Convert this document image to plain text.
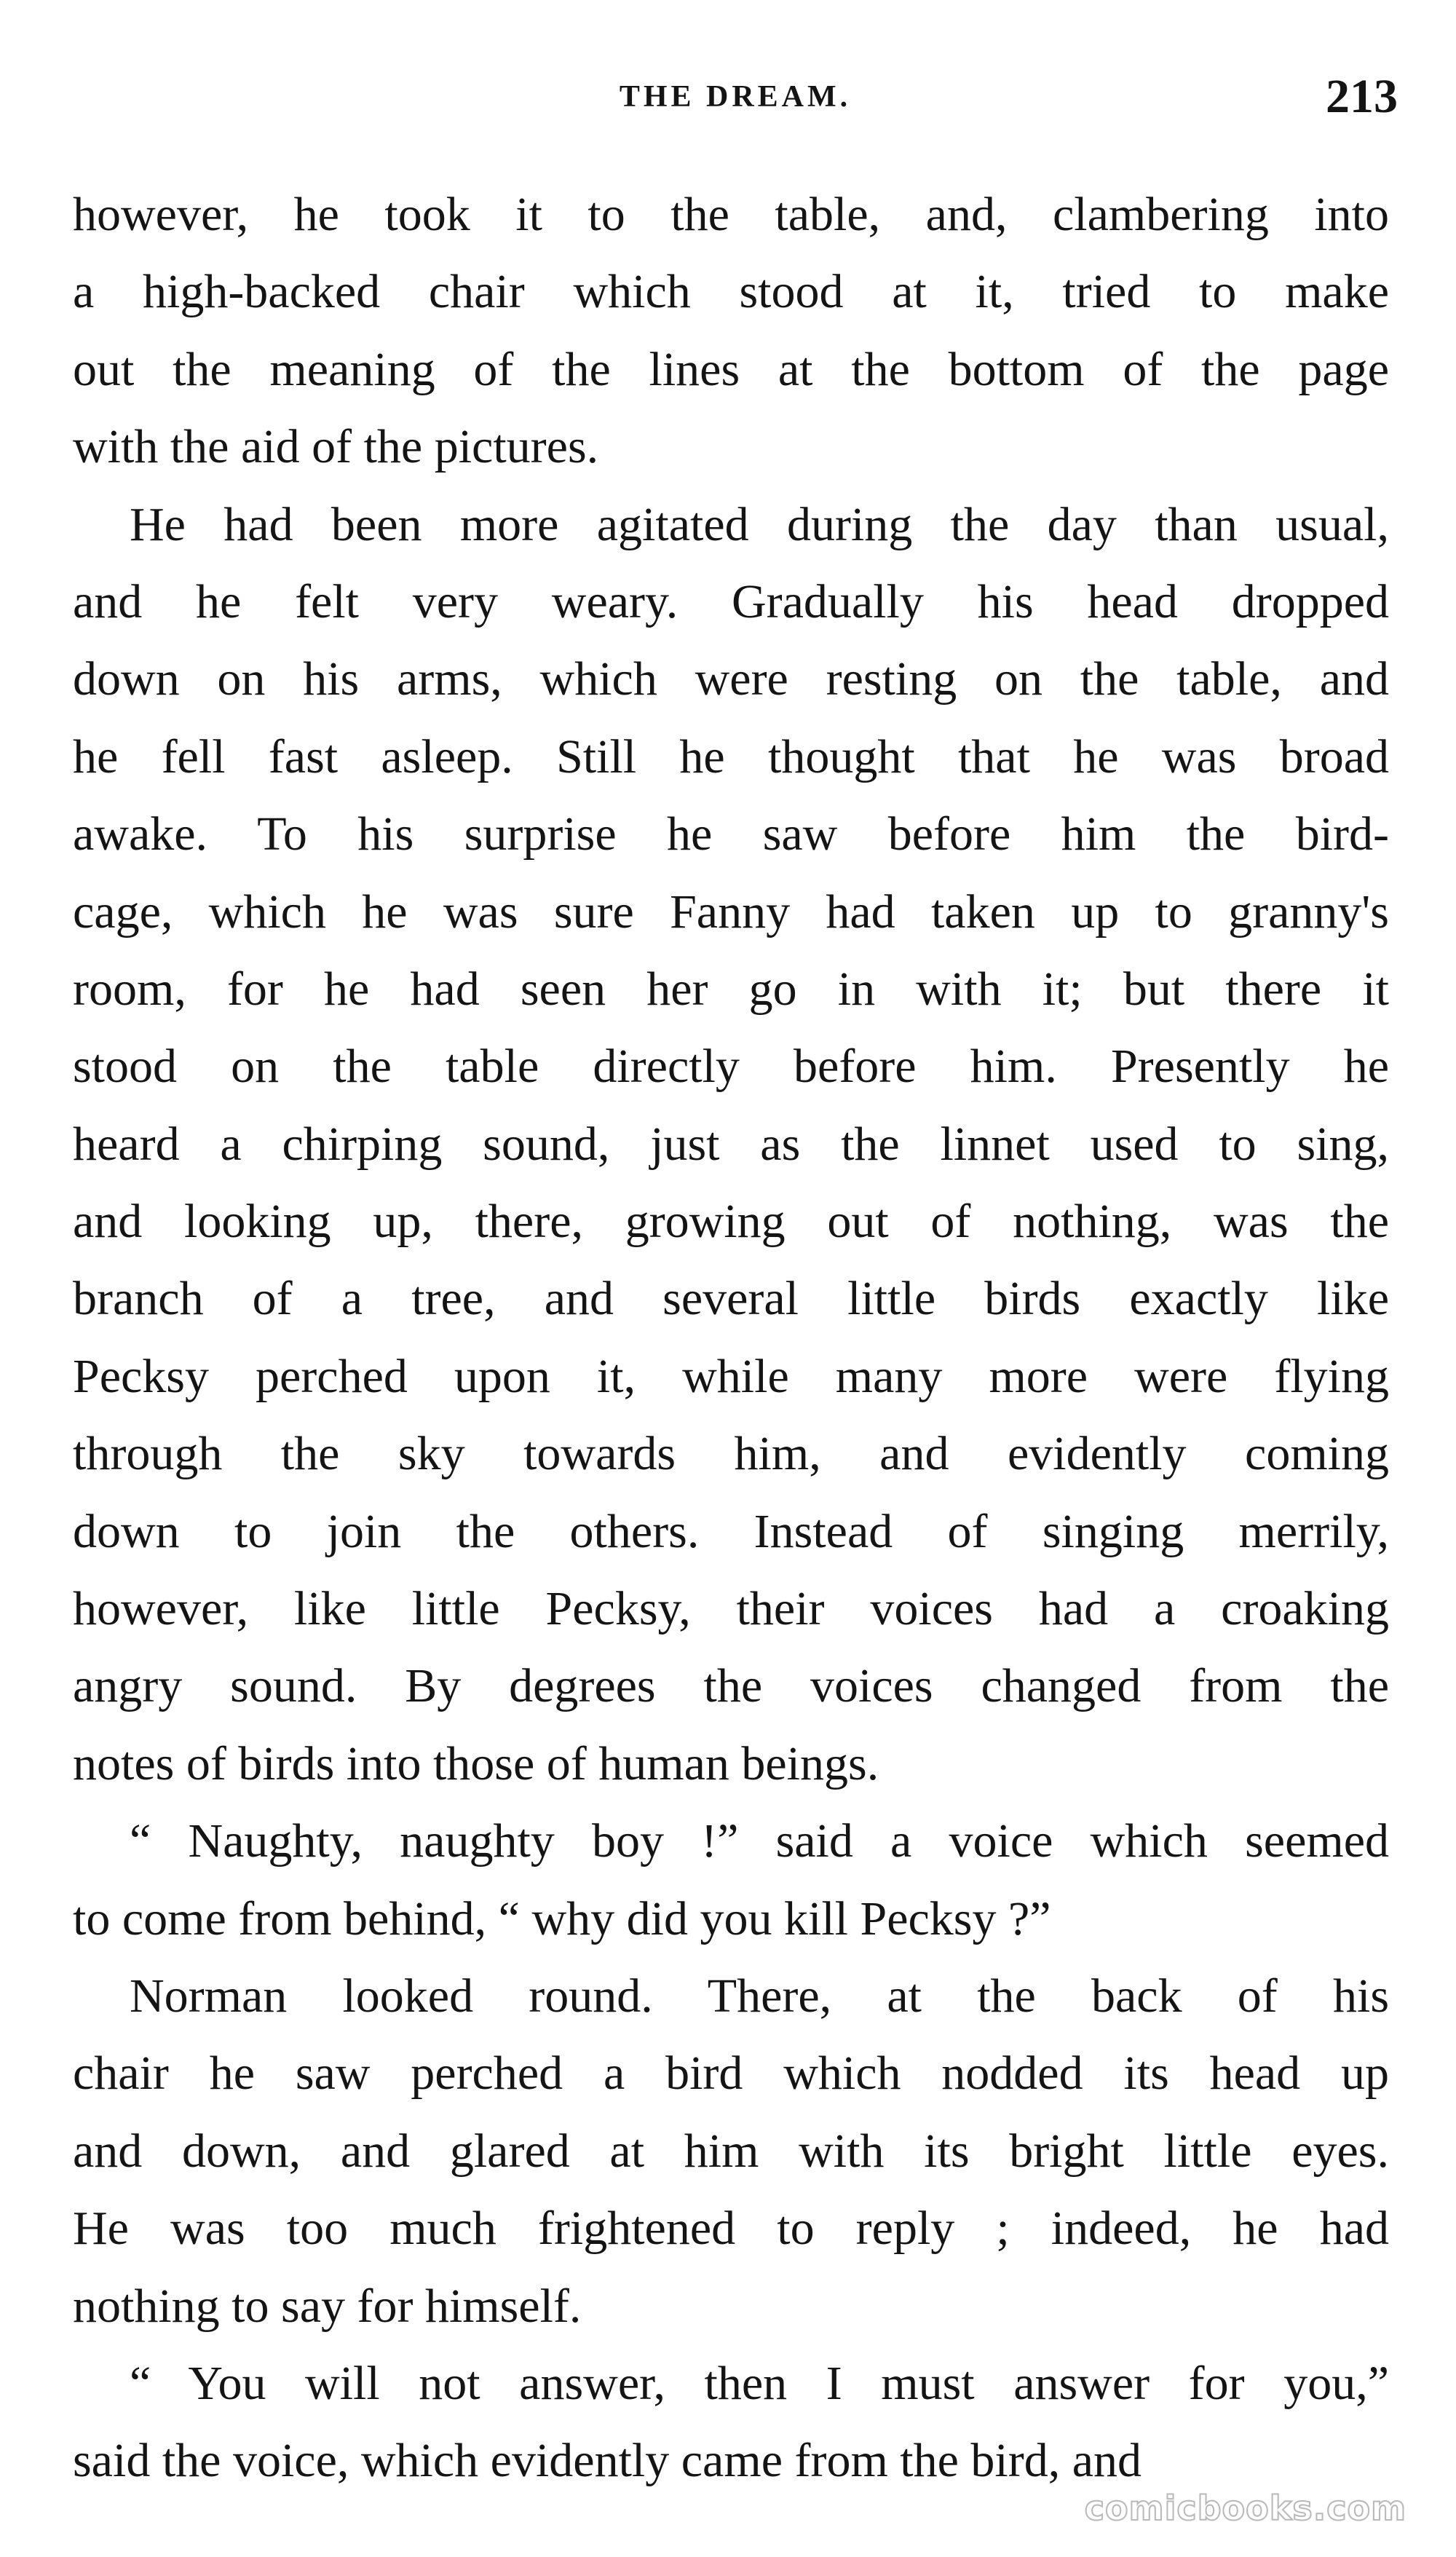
THE DREAM.	213
however, he took it to the table, and, clambering into
a high-backed chair which stood at it, tried to make
out the meaning of the lines at the bottom of the page
with the aid of the pictures.
He had been more agitated during the day than usual,
and he felt very weary. Gradually his head dropped
down on his arms, which were resting on the table, and
he fell fast asleep. Still he thought that he was broad
awake. To his surprise he saw before him the bird-
cage, which he was sure Fanny had taken up to granny's
room, for he had seen her go in with it; but there it
stood on the table directly before him. Presently he
heard a chirping sound, just as the linnet used to sing,
and looking up, there, growing out of nothing, was the
branch of a tree, and several little birds exactly like
Pecksy perched upon it, while many more were flying
through the sky towards him, and evidently coming
down to join the others. Instead of singing merrily,
however, like little Pecksy, their voices had a croaking
angry sound. By degrees the voices changed from the
notes of birds into those of human beings.
“ Naughty, naughty boy !” said a voice which seemed
to come from behind, “ why did you kill Pecksy ?”
Norman looked round. There, at the back of his
chair he saw perched a bird which nodded its head up
and down, and glared at him with its bright little eyes.
He was too much frightened to reply ; indeed, he had
nothing to say for himself.
“ You will not answer, then I must answer for you,”
said the voice, which evidently came from the bird, and
comicbooks.com
